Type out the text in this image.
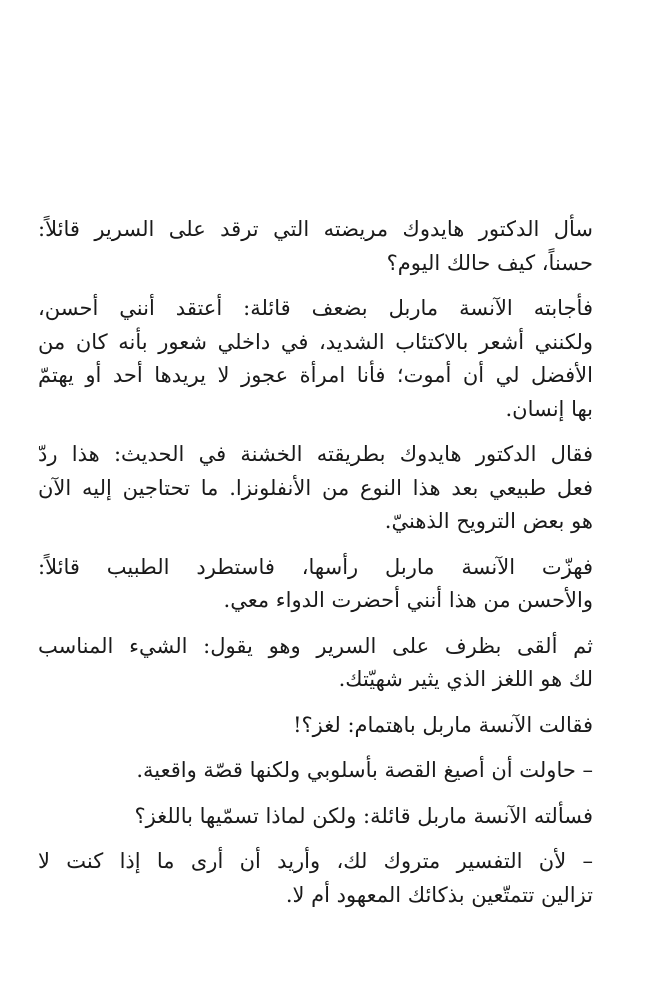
سأل الدكتور هايدوك مريضته التي ترقد على السرير قائلاً:
حسناً، كيف حالك اليوم؟

فأجابته الآنسة ماربل بضعف قائلة: أعتقد أنني أحسن،
ولكنني أشعر بالاكتئاب الشديد، في داخلي شعور بأنه كان من
الأفضل لي أن أموت؛ فأنا امرأة عجوز لا يريدها أحد أو يهتمّ
بها إنسان.

فقال الدكتور هايدوك بطريقته الخشنة في الحديث: هذا ردّ
فعل طبيعي بعد هذا النوع من الأنفلونزا. ما تحتاجين إليه الآن
هو بعض الترويح الذهنيّ.

فهزّت الآنسة ماربل رأسها، فاستطرد الطبيب قائلاً:
والأحسن من هذا أنني أحضرت الدواء معي.

ثم ألقى بظرف على السرير وهو يقول: الشيء المناسب
لك هو اللغز الذي يثير شهيّتك.

فقالت الآنسة ماربل باهتمام: لغز؟!

– حاولت أن أصيغ القصة بأسلوبي ولكنها قصّة واقعية.

فسألته الآنسة ماربل قائلة: ولكن لماذا تسمّيها باللغز؟

– لأن التفسير متروك لك، وأريد أن أرى ما إذا كنت لا
تزالين تتمتّعين بذكائك المعهود أم لا.
